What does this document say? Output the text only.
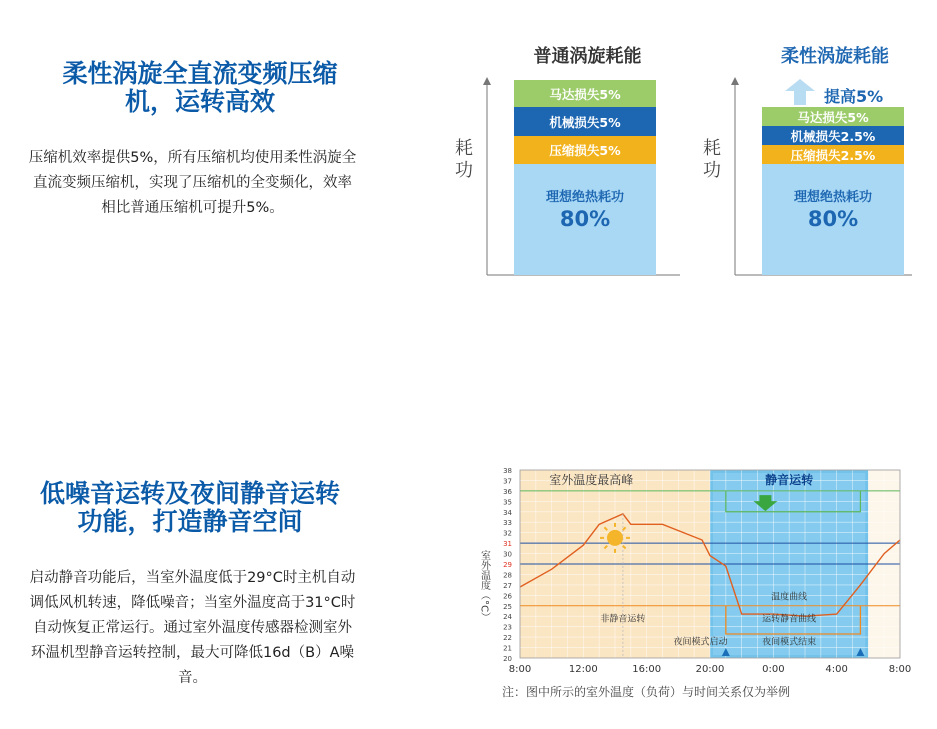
柔性涡旋全直流变频压缩
机，运转高效
压缩机效率提供5%，所有压缩机均使用柔性涡旋全
直流变频压缩机，实现了压缩机的全变频化，效率
相比普通压缩机可提升5%。
耗
功
耗
功
普通涡旋耗能
马达损失5%
机械损失5%
压缩损失5%
理想绝热耗功
80%
柔性涡旋耗能
提高5%
马达损失5%
机械损失2.5%
压缩损失2.5%
理想绝热耗功
80%
低噪音运转及夜间静音运转
功能，打造静音空间
启动静音功能后，当室外温度低于29°C时主机自动
调低风机转速，降低噪音；当室外温度高于31°C时
自动恢复正常运行。通过室外温度传感器检测室外
环温机型静音运转控制，最大可降低16d（B）A噪
音。
38
37
36
35
34
33
32
31
30
29
28
27
26
25
24
23
22
21
20
室外温度（°C）
8:00	12:00	16:00	20:00	0:00	4:00	8:00
室外温度最高峰	静音运转
温度曲线
非静音运转	运转静音曲线
夜间模式启动	夜间模式结束
注：图中所示的室外温度（负荷）与时间关系仅为举例
